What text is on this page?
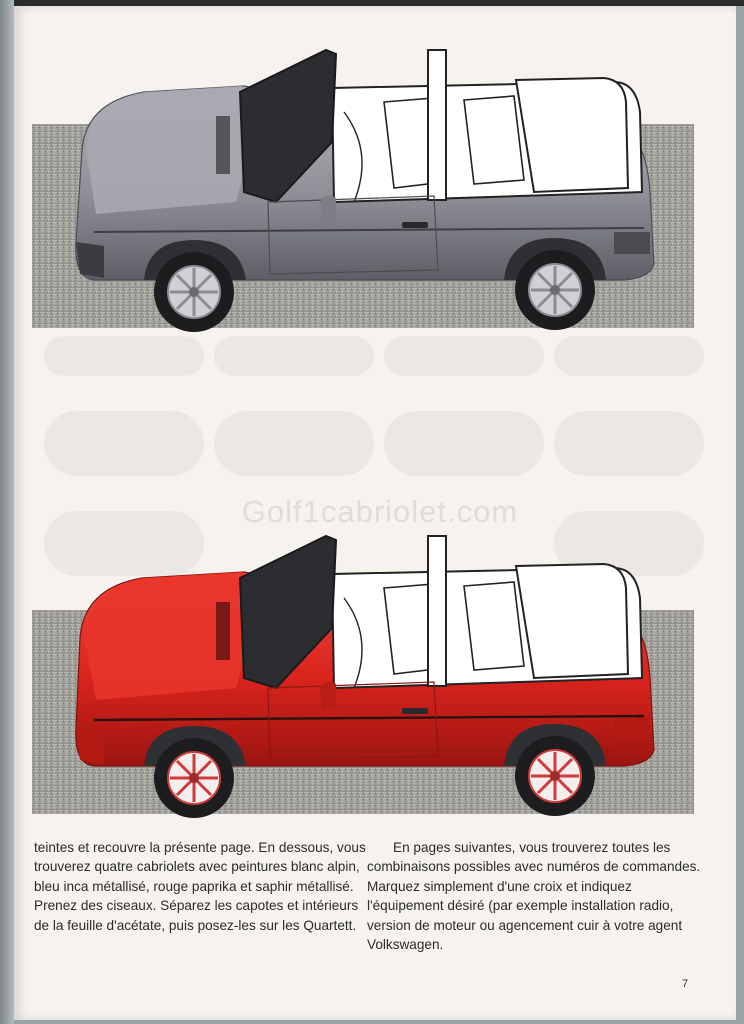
Golf1cabriolet.com

teintes et recouvre la présente page. En dessous, vous trouverez quatre cabriolets avec peintures blanc alpin, bleu inca métallisé, rouge paprika et saphir métallisé. Prenez des ciseaux. Séparez les capotes et intérieurs de la feuille d'acétate, puis posez-les sur les Quartett.

En pages suivantes, vous trouverez toutes les combinaisons possibles avec numéros de commandes. Marquez simplement d'une croix et indiquez l'équipement désiré (par exemple installation radio, version de moteur ou agencement cuir à votre agent Volkswagen.

7
